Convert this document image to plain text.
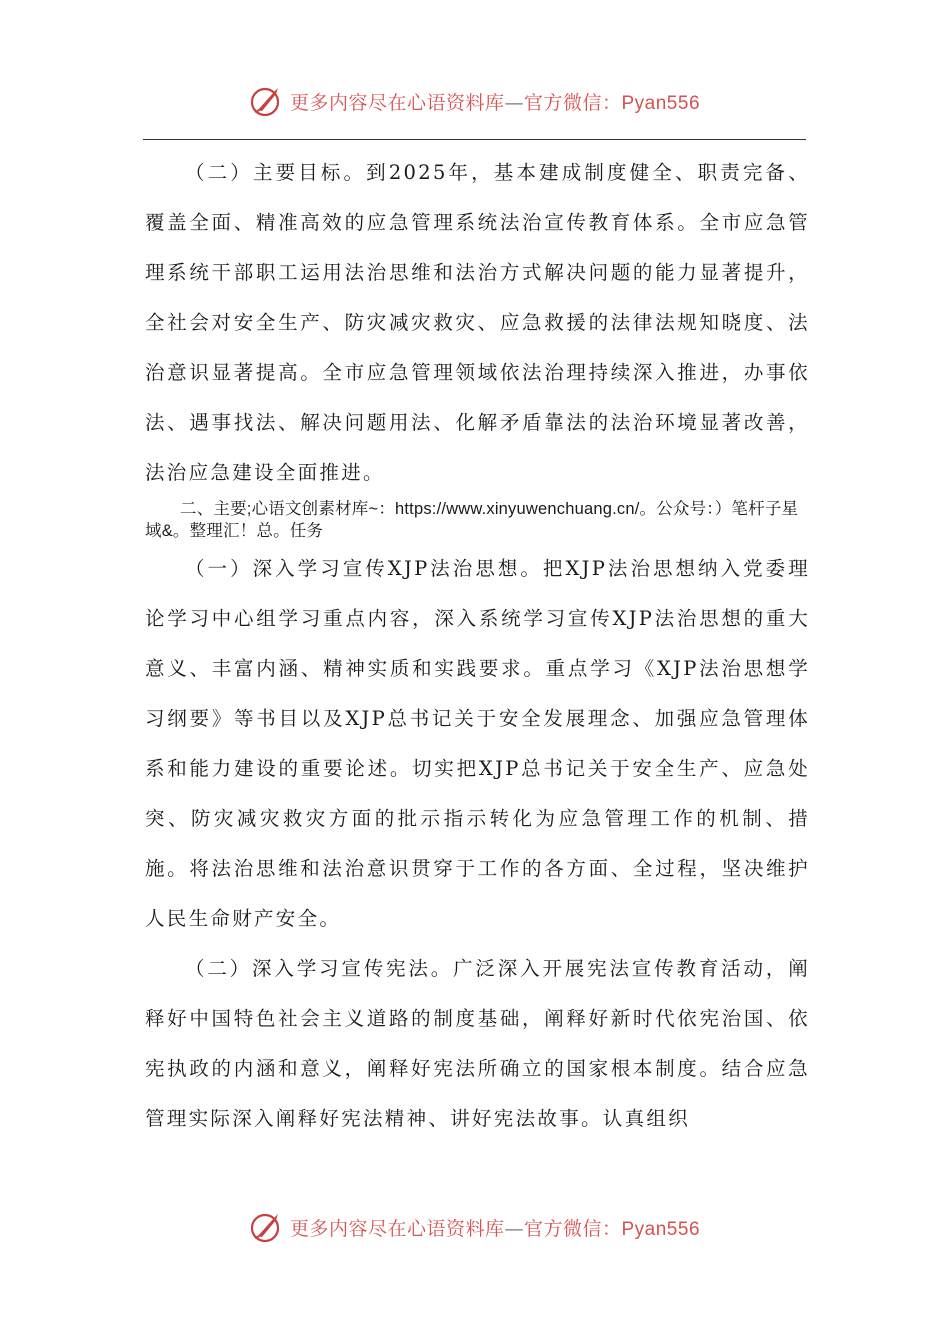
更多内容尽在心语资料库—官方微信：Pyan556

（二）主要目标。到2025年，基本建成制度健全、职责完备、覆盖全面、精准高效的应急管理系统法治宣传教育体系。全市应急管理系统干部职工运用法治思维和法治方式解决问题的能力显著提升，全社会对安全生产、防灾减灾救灾、应急救援的法律法规知晓度、法治意识显著提高。全市应急管理领域依法治理持续深入推进，办事依法、遇事找法、解决问题用法、化解矛盾靠法的法治环境显著改善，法治应急建设全面推进。

二、主要;心语文创素材库~：https://www.xinyuwenchuang.cn/。公众号：）笔杆子星域&。整理汇！总。任务

（一）深入学习宣传XJP法治思想。把XJP法治思想纳入党委理论学习中心组学习重点内容，深入系统学习宣传XJP法治思想的重大意义、丰富内涵、精神实质和实践要求。重点学习《XJP法治思想学习纲要》等书目以及XJP总书记关于安全发展理念、加强应急管理体系和能力建设的重要论述。切实把XJP总书记关于安全生产、应急处突、防灾减灾救灾方面的批示指示转化为应急管理工作的机制、措施。将法治思维和法治意识贯穿于工作的各方面、全过程，坚决维护人民生命财产安全。

（二）深入学习宣传宪法。广泛深入开展宪法宣传教育活动，阐释好中国特色社会主义道路的制度基础，阐释好新时代依宪治国、依宪执政的内涵和意义，阐释好宪法所确立的国家根本制度。结合应急管理实际深入阐释好宪法精神、讲好宪法故事。认真组织

更多内容尽在心语资料库—官方微信：Pyan556
